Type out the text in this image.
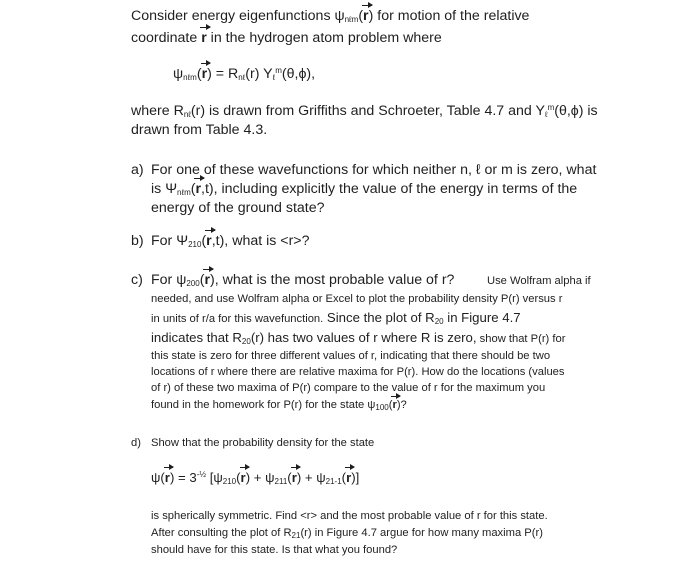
Consider energy eigenfunctions ψnℓm(r) for motion of the relative
coordinate r in the hydrogen atom problem where
ψnℓm(r) = Rnℓ(r) Yℓ$^m$(θ,ϕ),
where Rnℓ(r) is drawn from Griffiths and Schroeter, Table 4.7 and Yℓ$^m$(θ,ϕ) is
drawn from Table 4.3.
a) For one of these wavefunctions for which neither n, ℓ or m is zero, what
is Ψnℓm(r,t), including explicitly the value of the energy in terms of the
energy of the ground state?
b) For Ψ210(r,t), what is <r>?
c) For ψ200(r), what is the most probable value of r?	Use Wolfram alpha if
needed, and use Wolfram alpha or Excel to plot the probability density P(r) versus r
in units of r/a for this wavefunction. Since the plot of R20 in Figure 4.7
indicates that R20(r) has two values of r where R is zero, show that P(r) for
this state is zero for three different values of r, indicating that there should be two
locations of r where there are relative maxima for P(r). How do the locations (values
of r) of these two maxima of P(r) compare to the value of r for the maximum you
found in the homework for P(r) for the state ψ100(r)?
d) Show that the probability density for the state
$\psi(r) = 3^{-\frac{1}{2}}$ [ψ210(r) + ψ211(r) + ψ21-1(r)]
is spherically symmetric. Find <r> and the most probable value of r for this state.
After consulting the plot of R21(r) in Figure 4.7 argue for how many maxima P(r)
should have for this state. Is that what you found?
